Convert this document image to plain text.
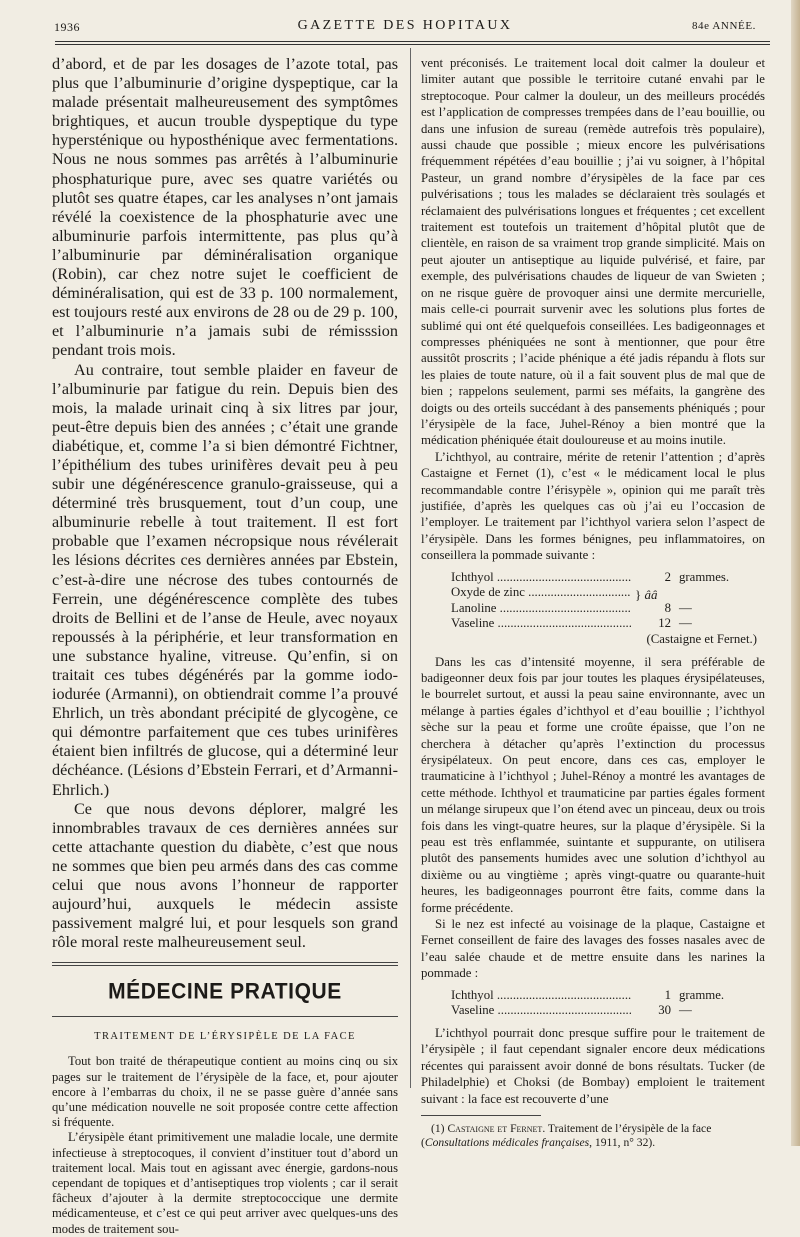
1936	GAZETTE DES HOPITAUX	84e ANNÉE.

d’abord, et de par les dosages de l’azote total, pas plus que l’albuminurie d’origine dyspeptique, car la malade présentait malheureusement des symptômes brightiques, et aucun trouble dyspeptique du type hypersténique ou hyposthénique avec fermentations. Nous ne nous sommes pas arrêtés à l’albuminurie phosphaturique pure, avec ses quatre variétés ou plutôt ses quatre étapes, car les analyses n’ont jamais révélé la coexistence de la phosphaturie avec une albuminurie parfois intermittente, pas plus qu’à l’albuminurie par déminéralisation organique (Robin), car chez notre sujet le coefficient de déminéralisation, qui est de 33 p. 100 normalement, est toujours resté aux environs de 28 ou de 29 p. 100, et l’albuminurie n’a jamais subi de rémisssion pendant trois mois.

Au contraire, tout semble plaider en faveur de l’albuminurie par fatigue du rein. Depuis bien des mois, la malade urinait cinq à six litres par jour, peut-être depuis bien des années ; c’était une grande diabétique, et, comme l’a si bien démontré Fichtner, l’épithélium des tubes urinifères devait peu à peu subir une dégénérescence granulo-graisseuse, qui a déterminé très brusquement, tout d’un coup, une albuminurie rebelle à tout traitement. Il est fort probable que l’examen nécropsique nous révélerait les lésions décrites ces dernières années par Ebstein, c’est-à-dire une nécrose des tubes contournés de Ferrein, une dégénérescence complète des tubes droits de Bellini et de l’anse de Heule, avec noyaux repoussés à la périphérie, et leur transformation en une substance hyaline, vitreuse. Qu’enfin, si on traitait ces tubes dégénérés par la gomme iodo-iodurée (Armanni), on obtiendrait comme l’a prouvé Ehrlich, un très abondant précipité de glycogène, ce qui démontre parfaitement que ces tubes urinifères étaient bien infiltrés de glucose, qui a déterminé leur déchéance. (Lésions d’Ebstein Ferrari, et d’Armanni-Ehrlich.)

Ce que nous devons déplorer, malgré les innombrables travaux de ces dernières années sur cette attachante question du diabète, c’est que nous ne sommes que bien peu armés dans des cas comme celui que nous avons l’honneur de rapporter aujourd’hui, auxquels le médecin assiste passivement malgré lui, et pour lesquels son grand rôle moral reste malheureusement seul.

MÉDECINE PRATIQUE
TRAITEMENT DE L’ÉRYSIPÈLE DE LA FACE

Tout bon traité de thérapeutique contient au moins cinq ou six pages sur le traitement de l’érysipèle de la face, et, pour ajouter encore à l’embarras du choix, il ne se passe guère d’année sans qu’une médication nouvelle ne soit proposée contre cette affection si fréquente.

L’érysipèle étant primitivement une maladie locale, une dermite infectieuse à streptocoques, il convient d’instituer tout d’abord un traitement local. Mais tout en agissant avec énergie, gardons-nous cependant de topiques et d’antiseptiques trop violents ; car il serait fâcheux d’ajouter à la dermite streptococcique une dermite médicamenteuse, et c’est ce qui peut arriver avec quelques-uns des modes de traitement sou-

vent préconisés. Le traitement local doit calmer la douleur et limiter autant que possible le territoire cutané envahi par le streptocoque. Pour calmer la douleur, un des meilleurs procédés est l’application de compresses trempées dans de l’eau bouillie, ou dans une infusion de sureau (remède autrefois très populaire), aussi chaude que possible ; mieux encore les pulvérisations fréquemment répétées d’eau bouillie ; j’ai vu soigner, à l’hôpital Pasteur, un grand nombre d’érysipèles de la face par ces pulvérisations ; tous les malades se déclaraient très soulagés et réclamaient des pulvérisations longues et fréquentes ; cet excellent traitement est toutefois un traitement d’hôpital plutôt que de clientèle, en raison de sa vraiment trop grande simplicité. Mais on peut ajouter un antiseptique au liquide pulvérisé, et faire, par exemple, des pulvérisations chaudes de liqueur de van Swieten ; on ne risque guère de provoquer ainsi une dermite mercurielle, mais celle-ci pourrait survenir avec les solutions plus fortes de sublimé qui ont été quelquefois conseillées. Les badigeonnages et compresses phéniquées ne sont à mentionner, que pour être aussitôt proscrits ; l’acide phénique a été jadis répandu à flots sur les plaies de toute nature, où il a fait souvent plus de mal que de bien ; rappelons seulement, parmi ses méfaits, la gangrène des doigts ou des orteils succédant à des pansements phéniqués ; pour l’érysipèle de la face, Juhel-Rénoy a bien montré que la médication phéniquée était douloureuse et au moins inutile.

L’ichthyol, au contraire, mérite de retenir l’attention ; d’après Castaigne et Fernet (1), c’est « le médicament local le plus recommandable contre l’érisypèle », opinion qui me paraît très justifiée, d’après les quelques cas où j’ai eu l’occasion de l’employer. Le traitement par l’ichthyol variera selon l’aspect de l’érysipèle. Dans les formes bénignes, peu inflammatoires, on conseillera la pommade suivante :

Ichthyol .....	2 grammes.
Oxyde de zinc .....
Lanoline .....	8 —
} ââ
Vaseline .....	12 —
(Castaigne et Fernet.)

Dans les cas d’intensité moyenne, il sera préférable de badigeonner deux fois par jour toutes les plaques érysipélateuses, le bourrelet surtout, et aussi la peau saine environnante, avec un mélange à parties égales d’ichthyol et d’eau bouillie ; l’ichthyol sèche sur la peau et forme une croûte épaisse, que l’on ne cherchera à détacher qu’après l’extinction du processus érysipélateux. On peut encore, dans ces cas, employer le traumaticine à l’ichthyol ; Juhel-Rénoy a montré les avantages de cette méthode. Ichthyol et traumaticine par parties égales forment un mélange sirupeux que l’on étend avec un pinceau, deux ou trois fois dans les vingt-quatre heures, sur la plaque d’érysipèle. Si la peau est très enflammée, suintante et suppurante, on utilisera plutôt des pansements humides avec une solution d’ichthyol au dixième ou au vingtième ; après vingt-quatre ou quarante-huit heures, les badigeonnages pourront être faits, comme dans la forme précédente.

Si le nez est infecté au voisinage de la plaque, Castaigne et Fernet conseillent de faire des lavages des fosses nasales avec de l’eau salée chaude et de mettre ensuite dans les narines la pommade :

Ichthyol .....	1 gramme.
Vaseline .....	30 —

L’ichthyol pourrait donc presque suffire pour le traitement de l’érysipèle ; il faut cependant signaler encore deux médications récentes qui paraissent avoir donné de bons résultats. Tucker (de Philadelphie) et Choksi (de Bombay) emploient le traitement suivant : la face est recouverte d’une

(1) Castaigne et Fernet. Traitement de l’érysipèle de la face (Consultations médicales françaises, 1911, n° 32).
